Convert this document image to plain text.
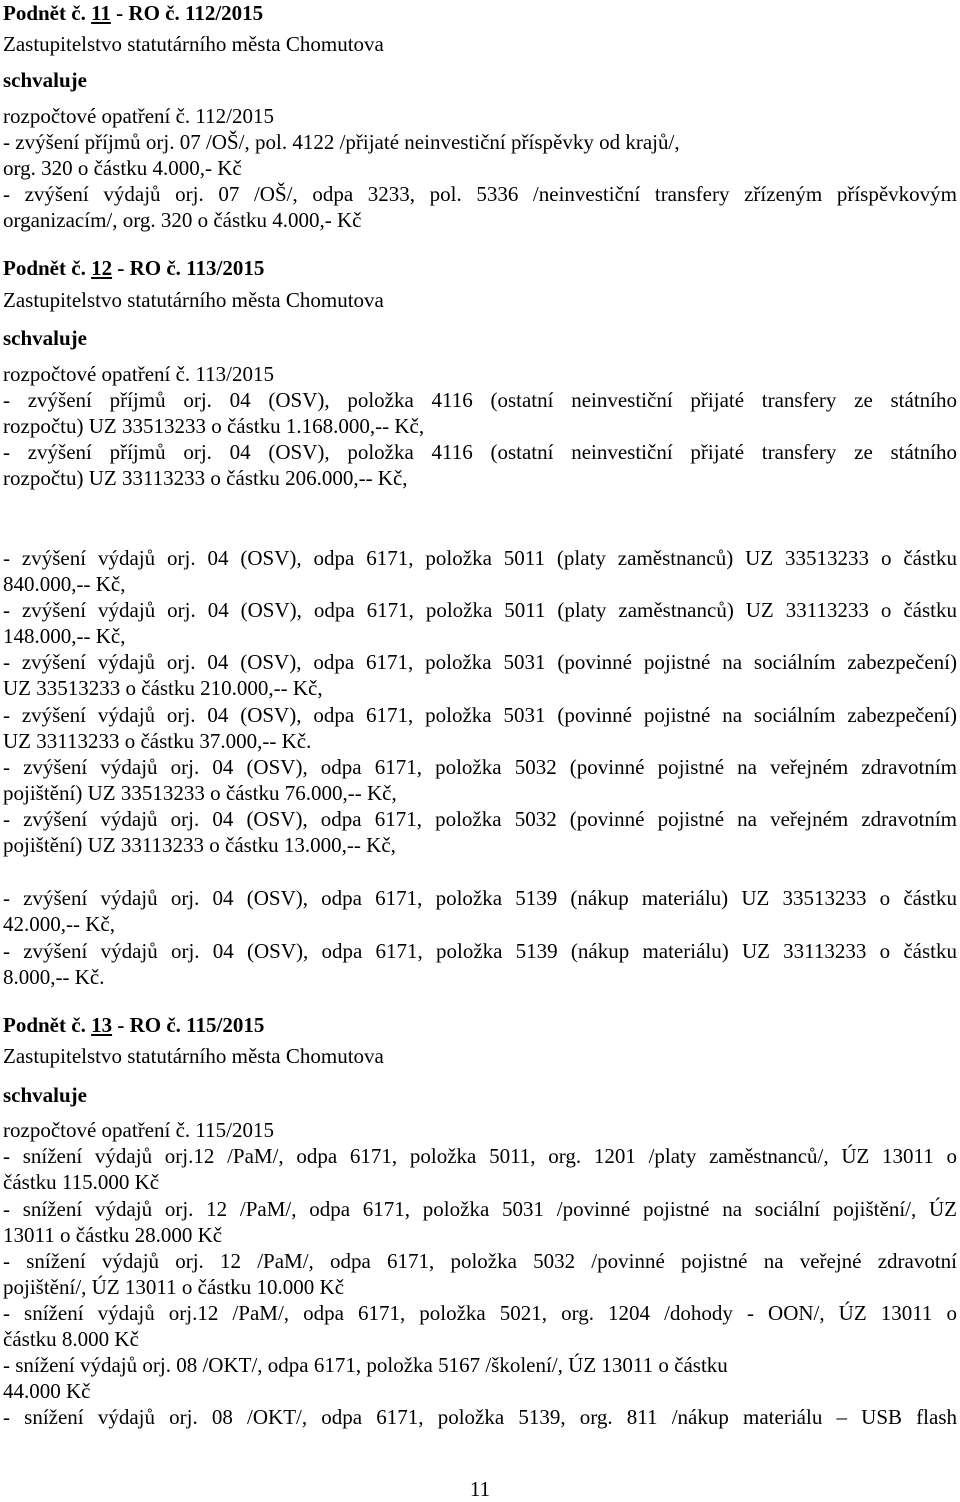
Podnět č. 11 - RO č. 112/2015
Zastupitelstvo statutárního města Chomutova
schvaluje
rozpočtové opatření č. 112/2015
- zvýšení příjmů orj. 07 /OŠ/, pol. 4122 /přijaté neinvestiční příspěvky od krajů/,
org. 320 o částku 4.000,- Kč
- zvýšení výdajů orj. 07 /OŠ/, odpa 3233, pol. 5336 /neinvestiční transfery zřízeným příspěvkovým
organizacím/, org. 320 o částku 4.000,- Kč
Podnět č. 12 - RO č. 113/2015
Zastupitelstvo statutárního města Chomutova
schvaluje
rozpočtové opatření č. 113/2015
- zvýšení příjmů orj. 04 (OSV), položka 4116 (ostatní neinvestiční přijaté transfery ze státního
rozpočtu) UZ 33513233 o částku 1.168.000,-- Kč,
- zvýšení příjmů orj. 04 (OSV), položka 4116 (ostatní neinvestiční přijaté transfery ze státního
rozpočtu) UZ 33113233 o částku 206.000,-- Kč,
- zvýšení výdajů orj. 04 (OSV), odpa 6171, položka 5011 (platy zaměstnanců) UZ 33513233 o částku
840.000,-- Kč,
- zvýšení výdajů orj. 04 (OSV), odpa 6171, položka 5011 (platy zaměstnanců) UZ 33113233 o částku
148.000,-- Kč,
- zvýšení výdajů orj. 04 (OSV), odpa 6171, položka 5031 (povinné pojistné na sociálním zabezpečení)
UZ 33513233 o částku 210.000,-- Kč,
- zvýšení výdajů orj. 04 (OSV), odpa 6171, položka 5031 (povinné pojistné na sociálním zabezpečení)
UZ 33113233 o částku 37.000,-- Kč.
- zvýšení výdajů orj. 04 (OSV), odpa 6171, položka 5032 (povinné pojistné na veřejném zdravotním
pojištění) UZ 33513233 o částku 76.000,-- Kč,
- zvýšení výdajů orj. 04 (OSV), odpa 6171, položka 5032 (povinné pojistné na veřejném zdravotním
pojištění) UZ 33113233 o částku 13.000,-- Kč,
- zvýšení výdajů orj. 04 (OSV), odpa 6171, položka 5139 (nákup materiálu) UZ 33513233 o částku
42.000,-- Kč,
- zvýšení výdajů orj. 04 (OSV), odpa 6171, položka 5139 (nákup materiálu) UZ 33113233 o částku
8.000,-- Kč.
Podnět č. 13 - RO č. 115/2015
Zastupitelstvo statutárního města Chomutova
schvaluje
rozpočtové opatření č. 115/2015
- snížení výdajů orj.12 /PaM/, odpa 6171, položka 5011, org. 1201 /platy zaměstnanců/, ÚZ 13011 o
částku 115.000 Kč
- snížení výdajů orj. 12 /PaM/, odpa 6171, položka 5031 /povinné pojistné na sociální pojištění/, ÚZ
13011 o částku 28.000 Kč
- snížení výdajů orj. 12 /PaM/, odpa 6171, položka 5032 /povinné pojistné na veřejné zdravotní
pojištění/, ÚZ 13011 o částku 10.000 Kč
- snížení výdajů orj.12 /PaM/, odpa 6171, položka 5021, org. 1204 /dohody - OON/, ÚZ 13011 o
částku 8.000 Kč
- snížení výdajů orj. 08 /OKT/, odpa 6171, položka 5167 /školení/, ÚZ 13011 o částku
44.000 Kč
- snížení výdajů orj. 08 /OKT/, odpa 6171, položka 5139, org. 811 /nákup materiálu – USB flash
11
